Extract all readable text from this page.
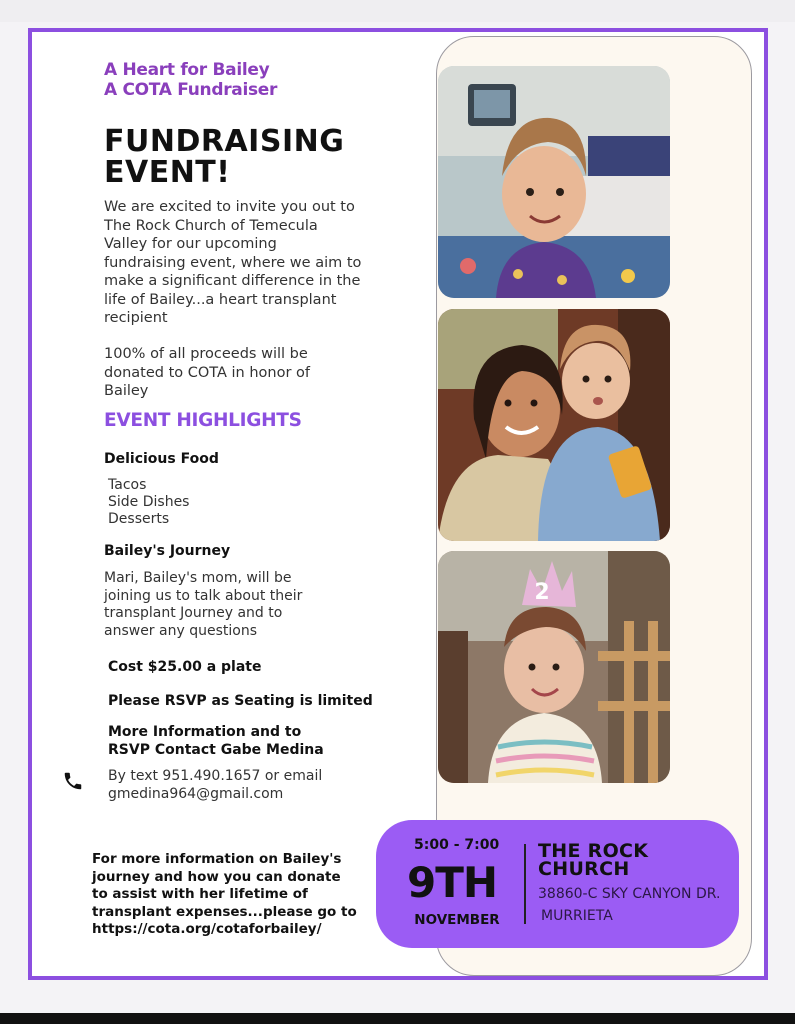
2
A Heart for Bailey
A COTA Fundraiser
FUNDRAISING
EVENT!
We are excited to invite you out to
The Rock Church of Temecula
Valley for our upcoming
fundraising event, where we aim to
make a significant difference in the
life of Bailey...a heart transplant
recipient
100% of all proceeds will be
donated to COTA in honor of
Bailey
EVENT HIGHLIGHTS
Delicious Food
Tacos
Side Dishes
Desserts
Bailey's Journey
Mari, Bailey's mom, will be
joining us to talk about their
transplant Journey and to
answer any questions
Cost $25.00 a plate
Please RSVP as Seating is limited
More Information and to
RSVP Contact Gabe Medina
By text 951.490.1657 or email
gmedina964@gmail.com
For more information on Bailey's
journey and how you can donate
to assist with her lifetime of
transplant expenses...please go to
https://cota.org/cotaforbailey/
5:00 - 7:00
9TH
NOVEMBER
THE ROCK
CHURCH
38860-C SKY CANYON DR.
MURRIETA
